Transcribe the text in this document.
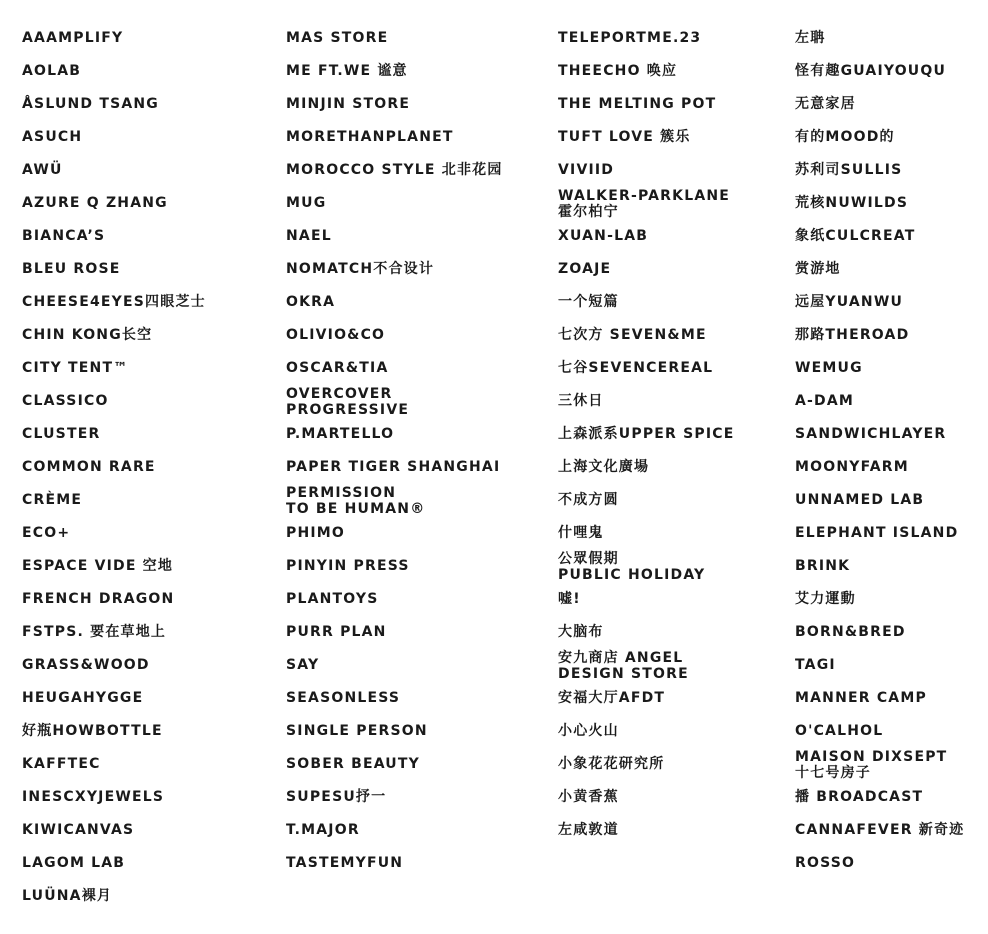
AAAMPLIFY
AOLAB
ÅSLUND TSANG
ASUCH
AWÜ
AZURE Q ZHANG
BIANCA’S
BLEU ROSE
CHEESE4EYES四眼芝士
CHIN KONG长空
CITY TENT™
CLASSICO
CLUSTER
COMMON RARE
CRÈME
ECO+
ESPACE VIDE 空地
FRENCH DRAGON
FSTPS. 要在草地上
GRASS&WOOD
HEUGAHYGGE
好瓶HOWBOTTLE
KAFFTEC
INESCXYJEWELS
KIWICANVAS
LAGOM LAB
LUÜNA裸月
MAS STORE
ME FT.WE 谧意
MINJIN STORE
MORETHANPLANET
MOROCCO STYLE 北非花园
MUG
NAEL
NOMATCH不合设计
OKRA
OLIVIO&CO
OSCAR&TIA
OVERCOVER
PROGRESSIVE
P.MARTELLO
PAPER TIGER SHANGHAI
PERMISSION
TO BE HUMAN®
PHIMO
PINYIN PRESS
PLANTOYS
PURR PLAN
SAY
SEASONLESS
SINGLE PERSON
SOBER BEAUTY
SUPESU抒一
T.MAJOR
TASTEMYFUN
TELEPORTME.23
THEECHO 唤应
THE MELTING POT
TUFT LOVE 簇乐
VIVIID
WALKER-PARKLANE
霍尔柏宁
XUAN-LAB
ZOAJE
一个短篇
七次方 SEVEN&ME
七谷SEVENCEREAL
三休日
上森派系UPPER SPICE
上海文化廣場
不成方圆
什哩鬼
公眾假期
PUBLIC HOLIDAY
嘘!
大脑布
安九商店 ANGEL
DESIGN STORE
安福大厅AFDT
小心火山
小象花花研究所
小黄香蕉
左咸敦道
左聃
怪有趣GUAIYOUQU
无意家居
有的MOOD的
苏利司SULLIS
荒核NUWILDS
象纸CULCREAT
赏游地
远屋YUANWU
那路THEROAD
WEMUG
A-DAM
SANDWICHLAYER
MOONYFARM
UNNAMED LAB
ELEPHANT ISLAND
BRINK
艾力運動
BORN&BRED
TAGI
MANNER CAMP
O'CALHOL
MAISON DIXSEPT
十七号房子
播 BROADCAST
CANNAFEVER 新奇迹
ROSSO
